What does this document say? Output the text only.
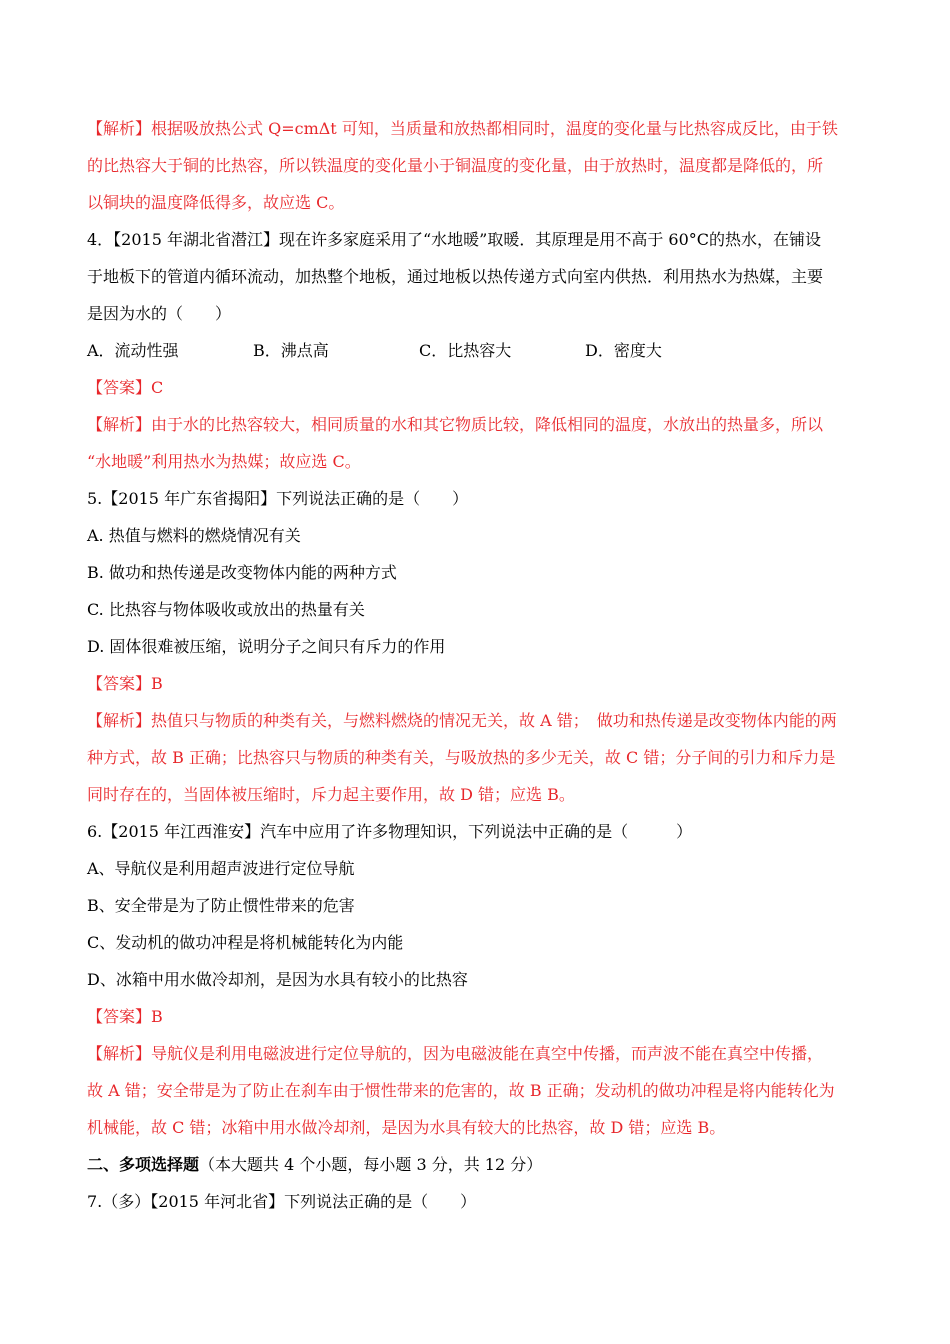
【解析】根据吸放热公式 Q=cmΔt 可知，当质量和放热都相同时，温度的变化量与比热容成反比，由于铁
的比热容大于铜的比热容，所以铁温度的变化量小于铜温度的变化量，由于放热时，温度都是降低的，所
以铜块的温度降低得多，故应选 C。
4．【2015 年湖北省潜江】现在许多家庭采用了“水地暖”取暖．其原理是用不高于 60°C的热水，在铺设
于地板下的管道内循环流动，加热整个地板，通过地板以热传递方式向室内供热．利用热水为热媒，主要
是因为水的（　　）
A．流动性强	B．沸点高	C．比热容大	D．密度大
【答案】C
【解析】由于水的比热容较大，相同质量的水和其它物质比较，降低相同的温度，水放出的热量多，所以
“水地暖”利用热水为热媒；故应选 C。
5.【2015 年广东省揭阳】下列说法正确的是（　　）
A. 热值与燃料的燃烧情况有关
B. 做功和热传递是改变物体内能的两种方式
C. 比热容与物体吸收或放出的热量有关
D. 固体很难被压缩，说明分子之间只有斥力的作用
【答案】B
【解析】热值只与物质的种类有关，与燃料燃烧的情况无关，故 A 错；　做功和热传递是改变物体内能的两
种方式，故 B 正确；比热容只与物质的种类有关，与吸放热的多少无关，故 C 错；分子间的引力和斥力是
同时存在的，当固体被压缩时，斥力起主要作用，故 D 错；应选 B。
6.【2015 年江西淮安】汽车中应用了许多物理知识，下列说法中正确的是（　　　）
A、导航仪是利用超声波进行定位导航
B、安全带是为了防止惯性带来的危害
C、发动机的做功冲程是将机械能转化为内能
D、冰箱中用水做冷却剂，是因为水具有较小的比热容
【答案】B
【解析】导航仪是利用电磁波进行定位导航的，因为电磁波能在真空中传播，而声波不能在真空中传播，
故 A 错；安全带是为了防止在刹车由于惯性带来的危害的，故 B 正确；发动机的做功冲程是将内能转化为
机械能，故 C 错；冰箱中用水做冷却剂，是因为水具有较大的比热容，故 D 错；应选 B。
二、多项选择题（本大题共 4 个小题，每小题 3 分，共 12 分）
7.（多）【2015 年河北省】下列说法正确的是（　　）
